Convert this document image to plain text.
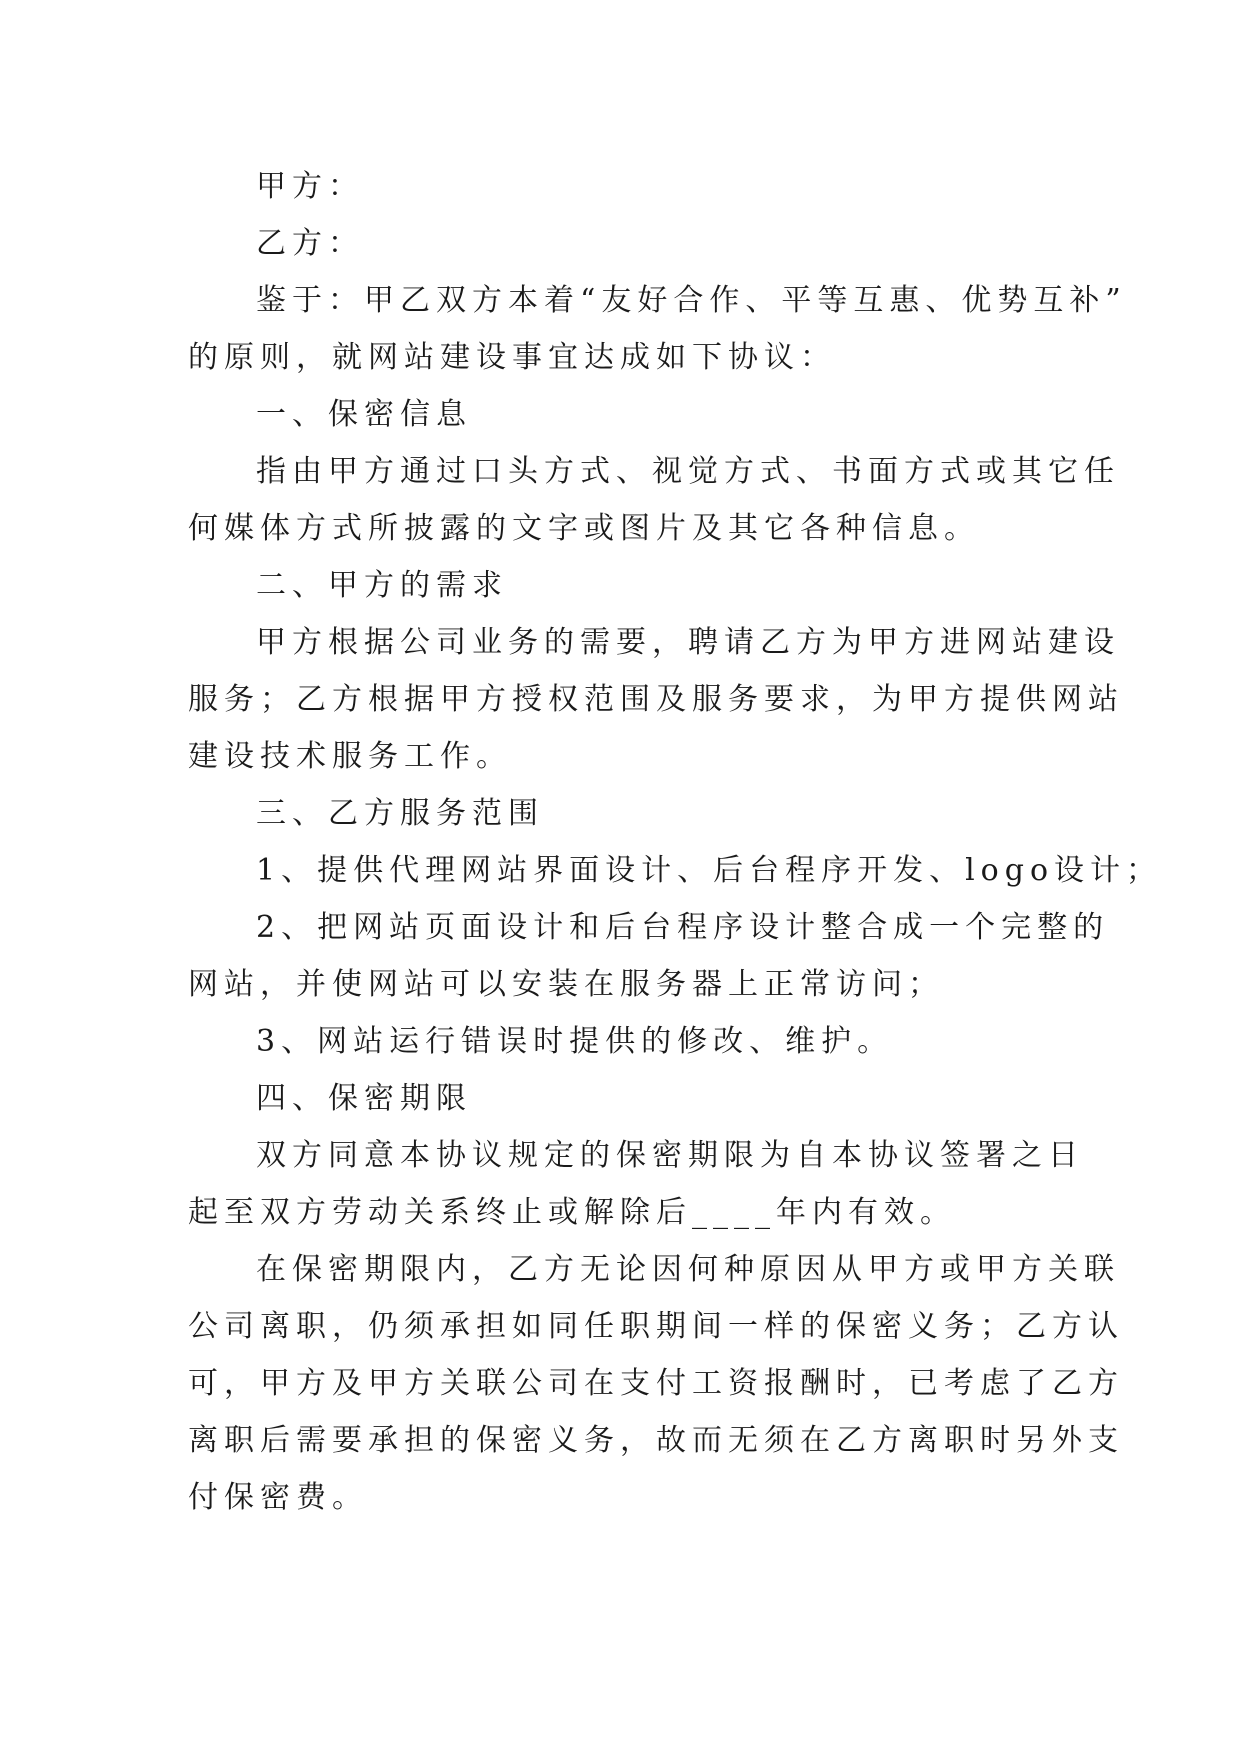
甲方：
乙方：
鉴于：甲乙双方本着“友好合作、平等互惠、优势互补”
的原则，就网站建设事宜达成如下协议：
一、保密信息
指由甲方通过口头方式、视觉方式、书面方式或其它任
何媒体方式所披露的文字或图片及其它各种信息。
二、甲方的需求
甲方根据公司业务的需要，聘请乙方为甲方进网站建设
服务；乙方根据甲方授权范围及服务要求，为甲方提供网站
建设技术服务工作。
三、乙方服务范围
1、提供代理网站界面设计、后台程序开发、logo设计；
2、把网站页面设计和后台程序设计整合成一个完整的
网站，并使网站可以安装在服务器上正常访问；
3、网站运行错误时提供的修改、维护。
四、保密期限
双方同意本协议规定的保密期限为自本协议签署之日
起至双方劳动关系终止或解除后____年内有效。
在保密期限内，乙方无论因何种原因从甲方或甲方关联
公司离职，仍须承担如同任职期间一样的保密义务；乙方认
可，甲方及甲方关联公司在支付工资报酬时，已考虑了乙方
离职后需要承担的保密义务，故而无须在乙方离职时另外支
付保密费。
